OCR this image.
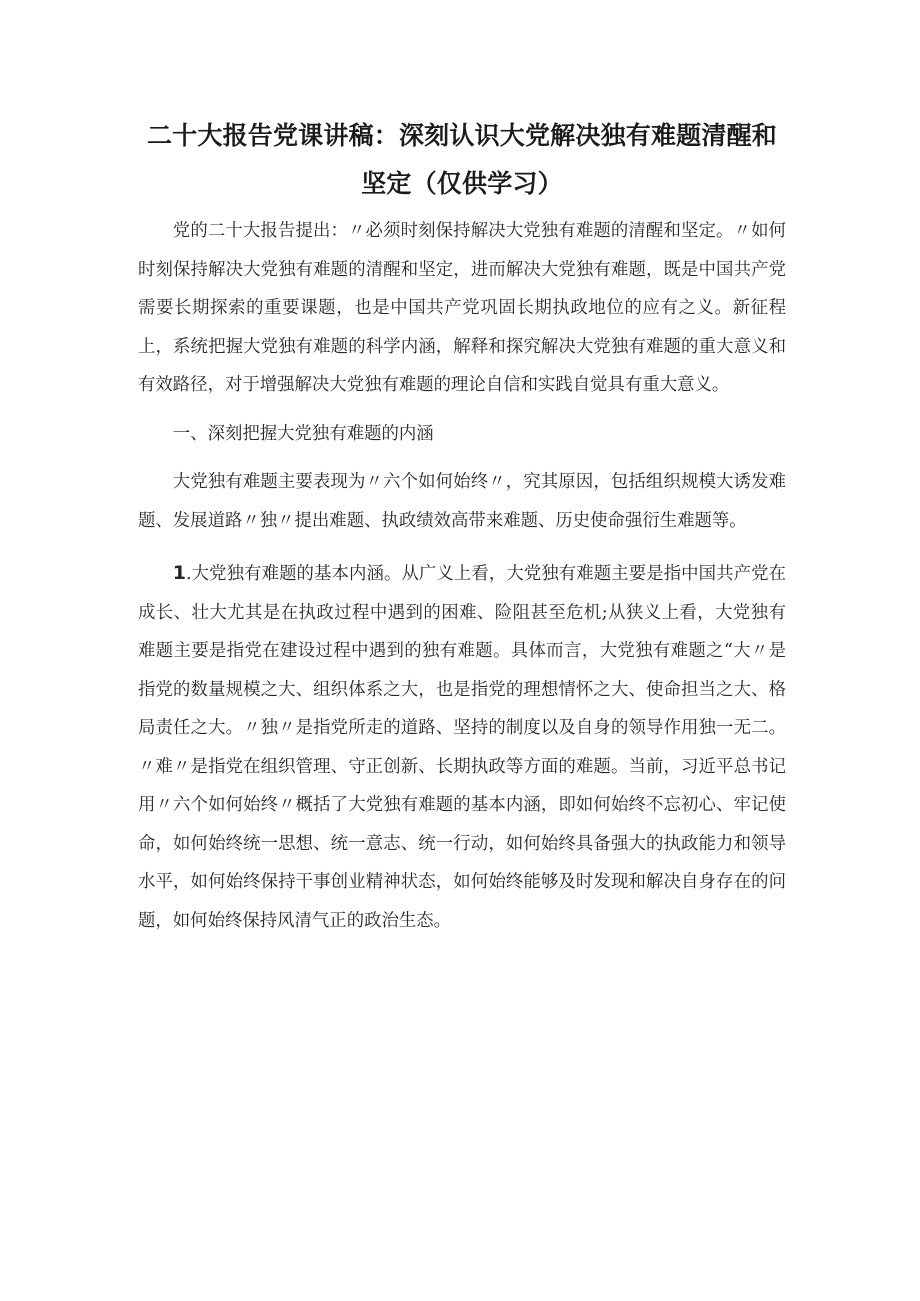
二十大报告党课讲稿：深刻认识大党解决独有难题清醒和坚定（仅供学习）

党的二十大报告提出：〃必须时刻保持解决大党独有难题的清醒和坚定。〃如何时刻保持解决大党独有难题的清醒和坚定，进而解决大党独有难题，既是中国共产党需要长期探索的重要课题，也是中国共产党巩固长期执政地位的应有之义。新征程上，系统把握大党独有难题的科学内涵，解释和探究解决大党独有难题的重大意义和有效路径，对于增强解决大党独有难题的理论自信和实践自觉具有重大意义。

一、深刻把握大党独有难题的内涵

大党独有难题主要表现为〃六个如何始终〃，究其原因，包括组织规模大诱发难题、发展道路〃独〃提出难题、执政绩效高带来难题、历史使命强衍生难题等。

1.大党独有难题的基本内涵。从广义上看，大党独有难题主要是指中国共产党在成长、壮大尤其是在执政过程中遇到的困难、险阻甚至危机;从狭义上看，大党独有难题主要是指党在建设过程中遇到的独有难题。具体而言，大党独有难题之“大〃是指党的数量规模之大、组织体系之大，也是指党的理想情怀之大、使命担当之大、格局责任之大。〃独〃是指党所走的道路、坚持的制度以及自身的领导作用独一无二。〃难〃是指党在组织管理、守正创新、长期执政等方面的难题。当前，习近平总书记用〃六个如何始终〃概括了大党独有难题的基本内涵，即如何始终不忘初心、牢记使命，如何始终统一思想、统一意志、统一行动，如何始终具备强大的执政能力和领导水平，如何始终保持干事创业精神状态，如何始终能够及时发现和解决自身存在的问题，如何始终保持风清气正的政治生态。
